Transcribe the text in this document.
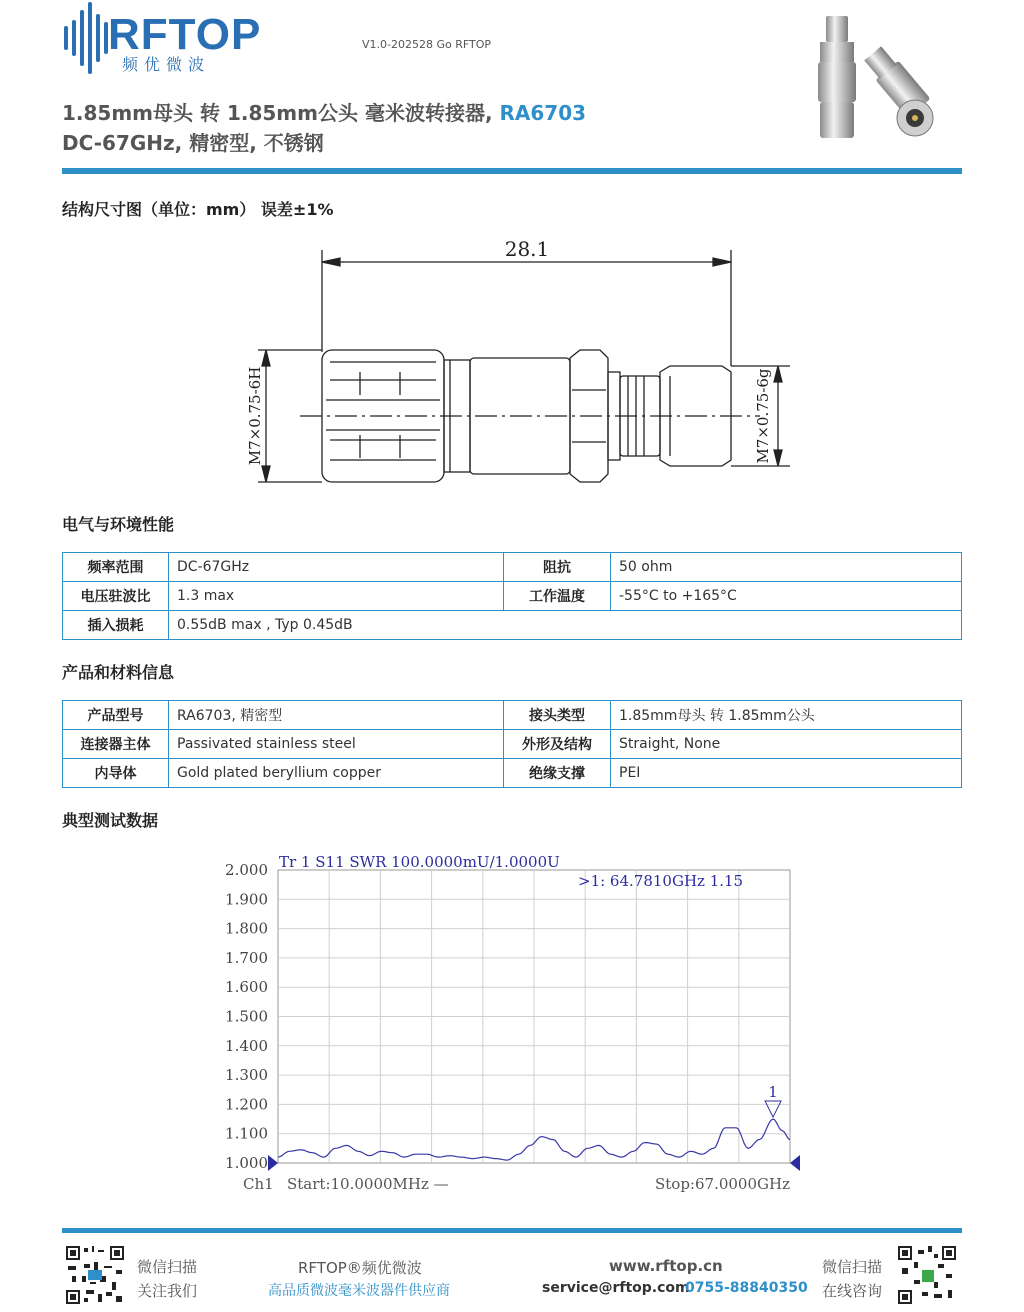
RFTOP
频优微波
V1.0-202528 Go RFTOP
1.85mm母头 转 1.85mm公头 毫米波转接器, RA6703
DC-67GHz, 精密型, 不锈钢
结构尺寸图（单位：mm） 误差±1%
28.1
M7×0.75-6H	M7×0.75-6g
电气与环境性能
频率范围	DC-67GHz	阻抗	50 ohm
电压驻波比	1.3 max	工作温度	-55°C to +165°C
插入损耗	0.55dB max , Typ 0.45dB		
产品和材料信息
产品型号	RA6703, 精密型	接头类型	1.85mm母头 转 1.85mm公头
连接器主体	Passivated stainless steel	外形及结构	Straight, None
内导体	Gold plated beryllium copper	绝缘支撑	PEI
典型测试数据
2.000
1.900
1.800
1.700
1.600
1.500
1.400
1.300
1.200
1.100
1.000
1
Tr 1 S11 SWR 100.0000mU/1.0000U
>1: 64.7810GHz 1.15
Ch1 Start:10.0000MHz —	Stop:67.0000GHz
微信扫描
关注我们
RFTOP®频优微波
高品质微波毫米波器件供应商
www.rftop.cn
service@rftop.com
0755-88840350
微信扫描
在线咨询
